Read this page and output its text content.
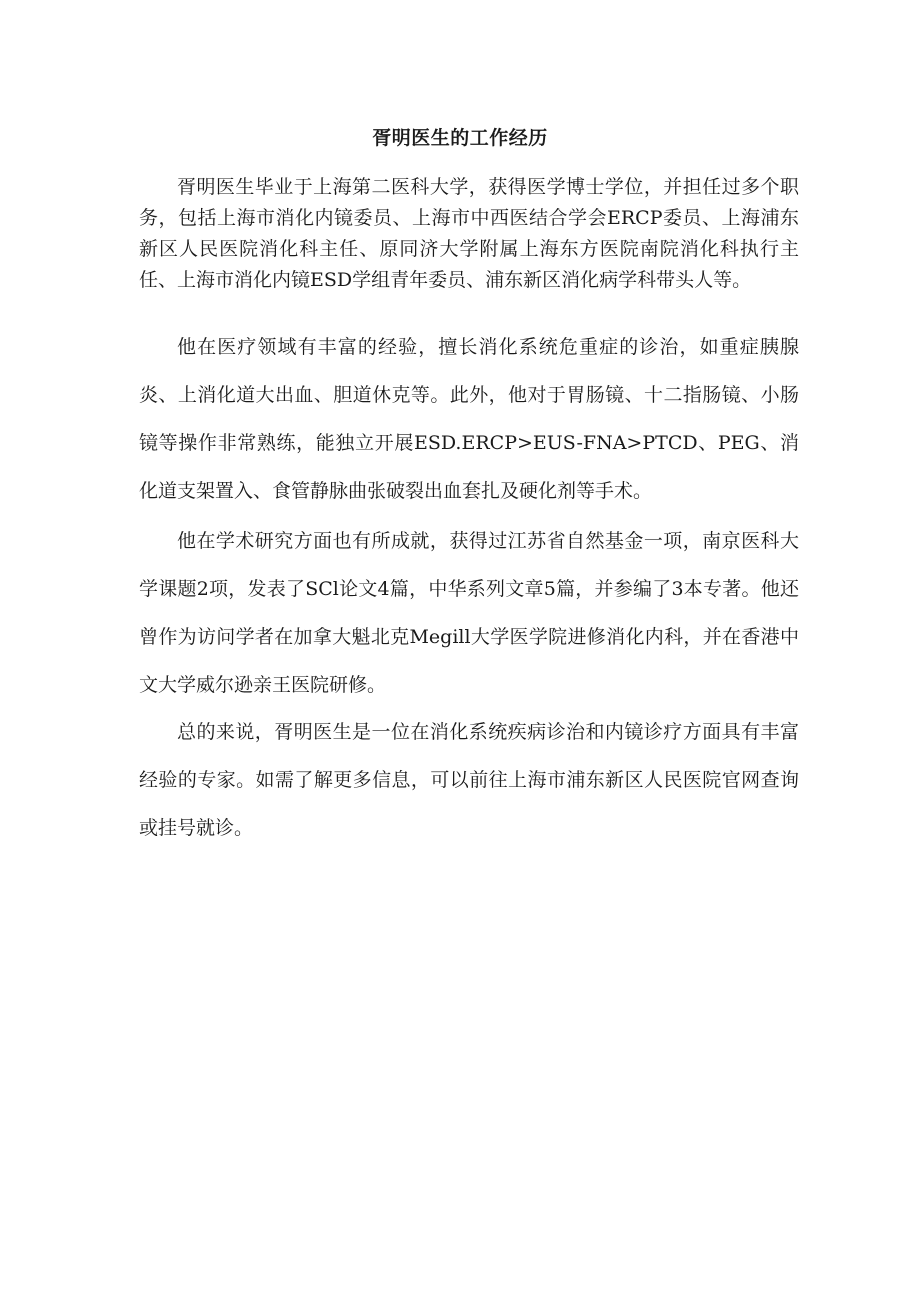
胥明医生的工作经历

胥明医生毕业于上海第二医科大学，获得医学博士学位，并担任过多个职务，包括上海市消化内镜委员、上海市中西医结合学会ERCP委员、上海浦东新区人民医院消化科主任、原同济大学附属上海东方医院南院消化科执行主任、上海市消化内镜ESD学组青年委员、浦东新区消化病学科带头人等。

他在医疗领域有丰富的经验，擅长消化系统危重症的诊治，如重症胰腺炎、上消化道大出血、胆道休克等。此外，他对于胃肠镜、十二指肠镜、小肠镜等操作非常熟练，能独立开展ESD.ERCP>EUS-FNA>PTCD、PEG、消化道支架置入、食管静脉曲张破裂出血套扎及硬化剂等手术。

他在学术研究方面也有所成就，获得过江苏省自然基金一项，南京医科大学课题2项，发表了SCl论文4篇，中华系列文章5篇，并参编了3本专著。他还曾作为访问学者在加拿大魁北克Megill大学医学院进修消化内科，并在香港中文大学威尔逊亲王医院研修。

总的来说，胥明医生是一位在消化系统疾病诊治和内镜诊疗方面具有丰富经验的专家。如需了解更多信息，可以前往上海市浦东新区人民医院官网查询或挂号就诊。
